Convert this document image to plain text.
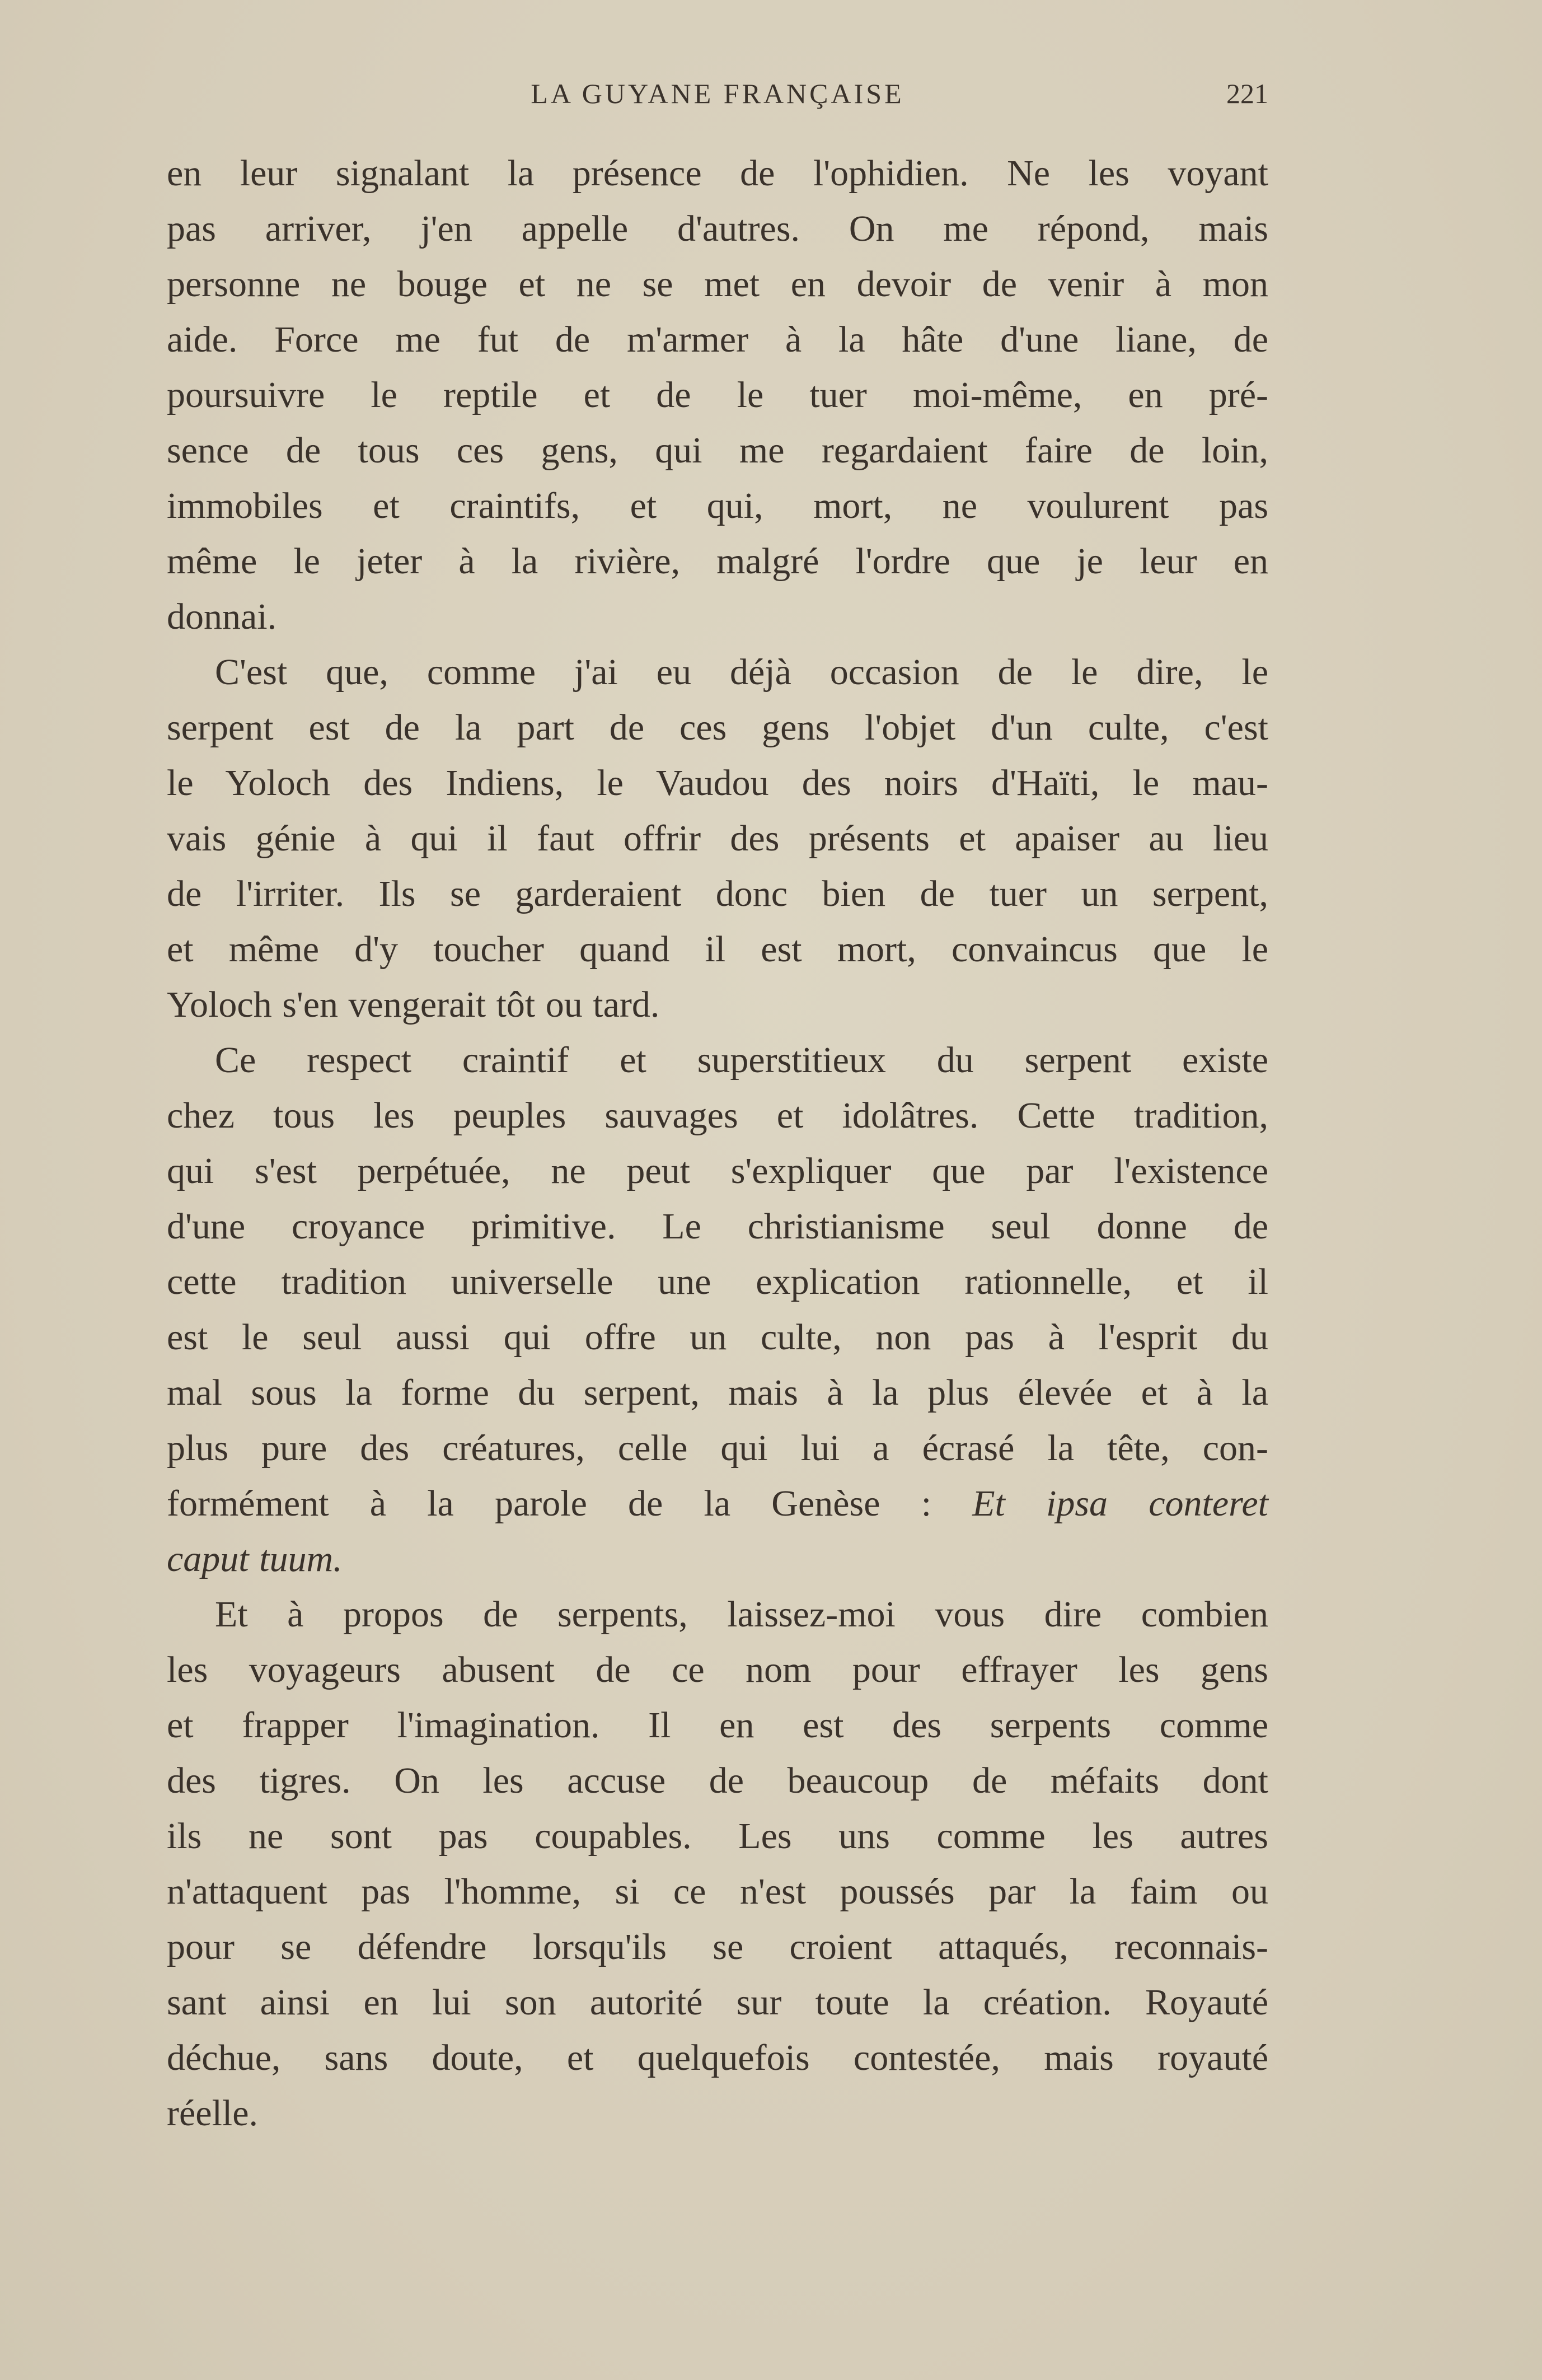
LA GUYANE FRANÇAISE	221
en leur signalant la présence de l'ophidien. Ne les voyant
pas arriver, j'en appelle d'autres. On me répond, mais
personne ne bouge et ne se met en devoir de venir à mon
aide. Force me fut de m'armer à la hâte d'une liane, de
poursuivre le reptile et de le tuer moi-même, en pré-
sence de tous ces gens, qui me regardaient faire de loin,
immobiles et craintifs, et qui, mort, ne voulurent pas
même le jeter à la rivière, malgré l'ordre que je leur en
donnai.
C'est que, comme j'ai eu déjà occasion de le dire, le
serpent est de la part de ces gens l'objet d'un culte, c'est
le Yoloch des Indiens, le Vaudou des noirs d'Haïti, le mau-
vais génie à qui il faut offrir des présents et apaiser au lieu
de l'irriter. Ils se garderaient donc bien de tuer un serpent,
et même d'y toucher quand il est mort, convaincus que le
Yoloch s'en vengerait tôt ou tard.
Ce respect craintif et superstitieux du serpent existe
chez tous les peuples sauvages et idolâtres. Cette tradition,
qui s'est perpétuée, ne peut s'expliquer que par l'existence
d'une croyance primitive. Le christianisme seul donne de
cette tradition universelle une explication rationnelle, et il
est le seul aussi qui offre un culte, non pas à l'esprit du
mal sous la forme du serpent, mais à la plus élevée et à la
plus pure des créatures, celle qui lui a écrasé la tête, con-
formément à la parole de la Genèse : Et ipsa conteret
caput tuum.
Et à propos de serpents, laissez-moi vous dire combien
les voyageurs abusent de ce nom pour effrayer les gens
et frapper l'imagination. Il en est des serpents comme
des tigres. On les accuse de beaucoup de méfaits dont
ils ne sont pas coupables. Les uns comme les autres
n'attaquent pas l'homme, si ce n'est poussés par la faim ou
pour se défendre lorsqu'ils se croient attaqués, reconnais-
sant ainsi en lui son autorité sur toute la création. Royauté
déchue, sans doute, et quelquefois contestée, mais royauté
réelle.
